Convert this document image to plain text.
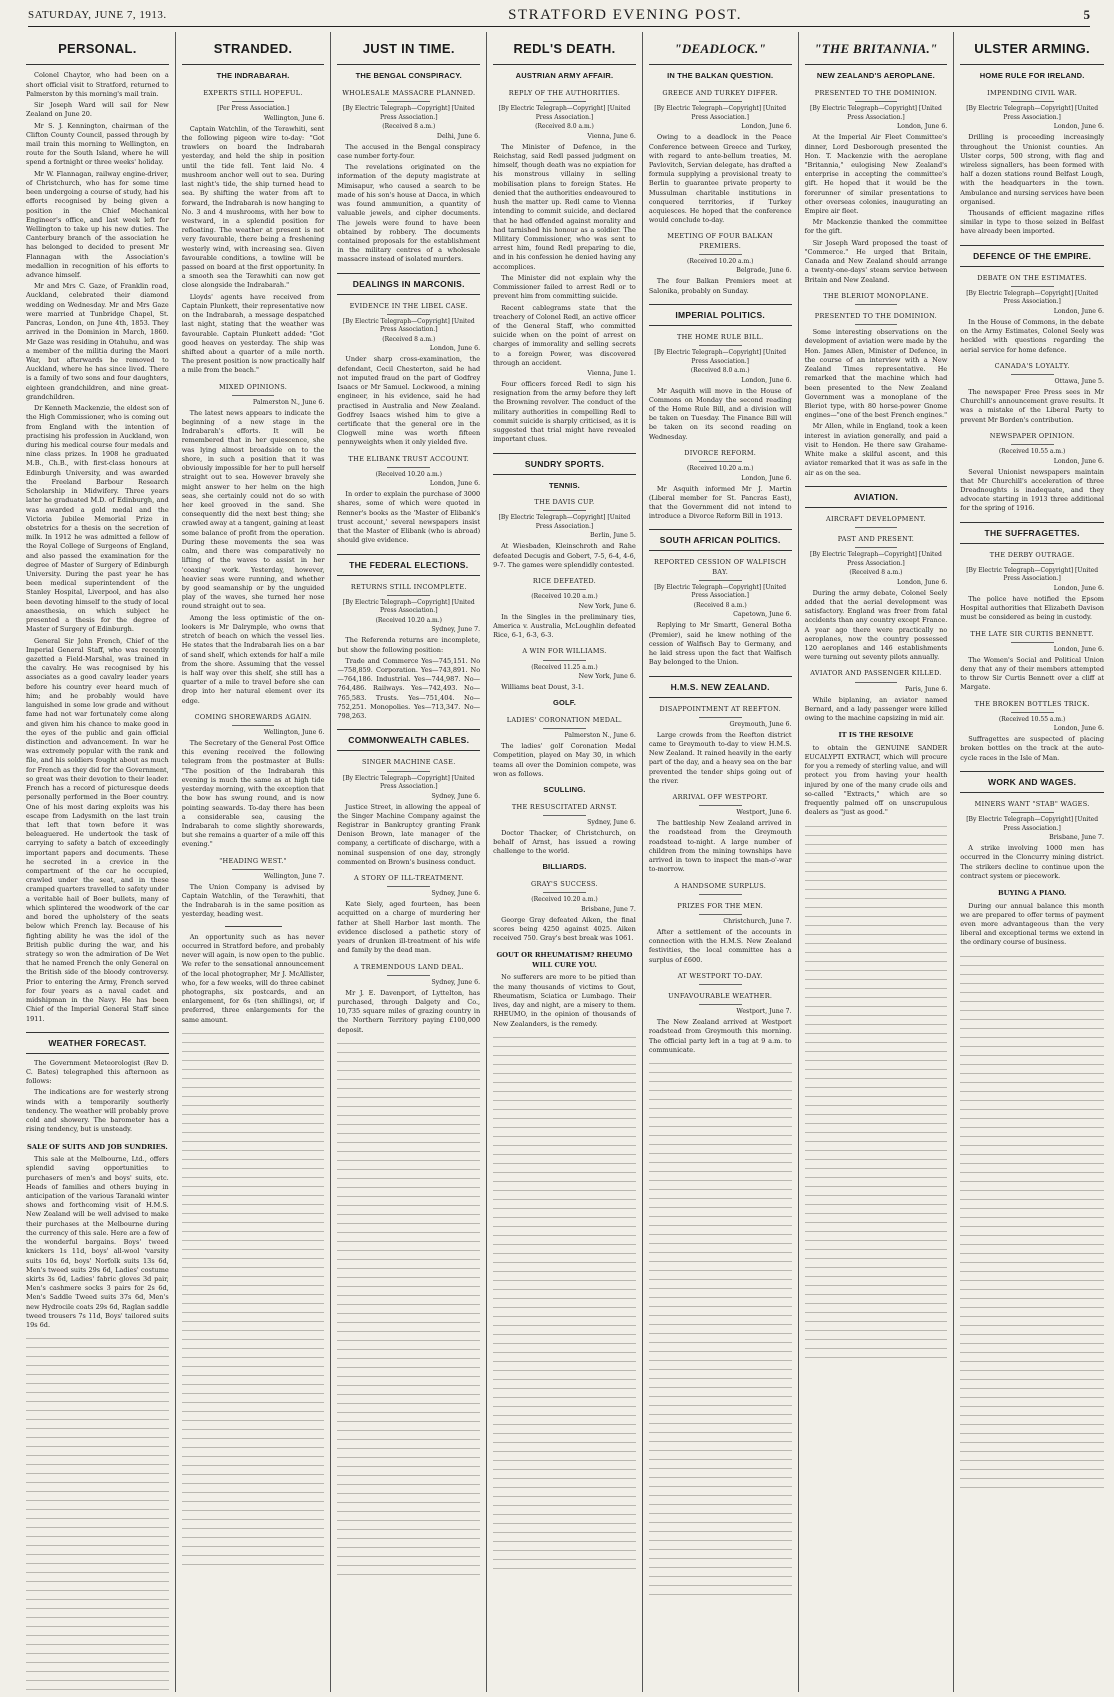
SATURDAY, JUNE 7, 1913.	STRATFORD EVENING POST.	5
PERSONAL.
Colonel Chaytor, who had been on a short official visit to Stratford, returned to Palmerston by this morning's mail train.
Sir Joseph Ward will sail for New Zealand on June 20.
Mr S. J. Kennington, chairman of the Clifton County Council, passed through by mail train this morning to Wellington, en route for the South Island, where he will spend a fortnight or three weeks' holiday.
Mr W. Flannagan, railway engine-driver, of Christchurch, who has for some time been undergoing a course of study, had his efforts recognised by being given a position in the Chief Mechanical Engineer's office, and last week left for Wellington to take up his new duties. The Canterbury branch of the association he has belonged to decided to present Mr Flannagan with the Association's medallion in recognition of his efforts to advance himself.
Mr and Mrs C. Gaze, of Franklin road, Auckland, celebrated their diamond wedding on Wednesday. Mr and Mrs Gaze were married at Tunbridge Chapel, St. Pancras, London, on June 4th, 1853. They arrived in the Dominion in March, 1860. Mr Gaze was residing in Otahuhu, and was a member of the militia during the Maori War, but afterwards he removed to Auckland, where he has since lived. There is a family of two sons and four daughters, eighteen grandchildren, and nine great-grandchildren.
Dr Kenneth Mackenzie, the eldest son of the High Commissioner, who is coming out from England with the intention of practising his profession in Auckland, won during his medical course four medals and nine class prizes. In 1908 he graduated M.B., Ch.B., with first-class honours at Edinburgh University, and was awarded the Freeland Barbour Research Scholarship in Midwifery. Three years later he graduated M.D. of Edinburgh, and was awarded a gold medal and the Victoria Jubilee Memorial Prize in obstetrics for a thesis on the secretion of milk. In 1912 he was admitted a fellow of the Royal College of Surgeons of England, and also passed the examination for the degree of Master of Surgery of Edinburgh University. During the past year he has been medical superintendent of the Stanley Hospital, Liverpool, and has also been devoting himself to the study of local anaesthesia, on which subject he presented a thesis for the degree of Master of Surgery of Edinburgh.
General Sir John French, Chief of the Imperial General Staff, who was recently gazetted a Field-Marshal, was trained in the cavalry. He was recognised by his associates as a good cavalry leader years before his country ever heard much of him; and he probably would have languished in some low grade and without fame had not war fortunately come along and given him his chance to make good in the eyes of the public and gain official distinction and advancement. In war he was extremely popular with the rank and file, and his soldiers fought about as much for French as they did for the Government, so great was their devotion to their leader. French has a record of picturesque deeds personally performed in the Boer country. One of his most daring exploits was his escape from Ladysmith on the last train that left that town before it was beleaguered. He undertook the task of carrying to safety a batch of exceedingly important papers and documents. These he secreted in a crevice in the compartment of the car he occupied, crawled under the seat, and in these cramped quarters travelled to safety under a veritable hail of Boer bullets, many of which splintered the woodwork of the car and bored the upholstery of the seats below which French lay. Because of his fighting ability he was the idol of the British public during the war, and his strategy so won the admiration of De Wet that he named French the only General on the British side of the bloody controversy. Prior to entering the Army, French served for four years as a naval cadet and midshipman in the Navy. He has been Chief of the Imperial General Staff since 1911.
WEATHER FORECAST.
The Government Meteorologist (Rev D. C. Bates) telegraphed this afternoon as follows:
The indications are for westerly strong winds with a temporarily southerly tendency. The weather will probably prove cold and showery. The barometer has a rising tendency, but is unsteady.
SALE OF SUITS AND JOB SUNDRIES.
This sale at the Melbourne, Ltd., offers splendid saving opportunities to purchasers of men's and boys' suits, etc. Heads of families and others buying in anticipation of the various Taranaki winter shows and forthcoming visit of H.M.S. New Zealand will be well advised to make their purchases at the Melbourne during the currency of this sale. Here are a few of the wonderful bargains. Boys' tweed knickers 1s 11d, boys' all-wool 'varsity suits 10s 6d, boys' Norfolk suits 13s 6d, Men's tweed suits 29s 6d, Ladies' costume skirts 3s 6d, Ladies' fabric gloves 3d pair, Men's cashmere socks 3 pairs for 2s 6d, Men's Saddle Tweed suits 37s 6d, Men's new Hydrocile coats 29s 6d, Raglan saddle tweed trousers 7s 11d, Boys' tailored suits 19s 6d.
STRANDED.
THE INDRABARAH.
EXPERTS STILL HOPEFUL.
[Per Press Association.]
Wellington, June 6.
Captain Watchlin, of the Terawhiti, sent the following pigeon wire to-day: "Got trawlers on board the Indrabarah yesterday, and held the ship in position until the tide fell. Tent laid No. 4 mushroom anchor well out to sea. During last night's tide, the ship turned head to sea. By shifting the water from aft to forward, the Indrabarah is now hanging to No. 3 and 4 mushrooms, with her bow to westward, in a splendid position for refloating. The weather at present is not very favourable, there being a freshening westerly wind, with increasing sea. Given favourable conditions, a towline will be passed on board at the first opportunity. In a smooth sea the Terawhiti can now get close alongside the Indrabarah."
Lloyds' agents have received from Captain Plunkett, their representative now on the Indrabarah, a message despatched last night, stating that the weather was favourable. Captain Plunkett added: "Got good heaves on yesterday. The ship was shifted about a quarter of a mile north. The present position is now practically half a mile from the beach."
MIXED OPINIONS.
Palmerston N., June 6.
The latest news appears to indicate the beginning of a new stage in the Indrabarah's efforts. It will be remembered that in her quiescence, she was lying almost broadside on to the shore, in such a position that it was obviously impossible for her to pull herself straight out to sea. However bravely she might answer to her helm on the high seas, she certainly could not do so with her keel grooved in the sand. She consequently did the next best thing; she crawled away at a tangent, gaining at least some balance of profit from the operation. During these movements the sea was calm, and there was comparatively no lifting of the waves to assist in her 'coaxing' work. Yesterday, however, heavier seas were running, and whether by good seamanship or by the unguided play of the waves, she turned her nose round straight out to sea.
Among the less optimistic of the on-lookers is Mr Dalrymple, who owns that stretch of beach on which the vessel lies. He states that the Indrabarah lies on a bar of sand shelf, which extends for half a mile from the shore. Assuming that the vessel is half way over this shelf, she still has a quarter of a mile to travel before she can drop into her natural element over its edge.
COMING SHOREWARDS AGAIN.
Wellington, June 6.
The Secretary of the General Post Office this evening received the following telegram from the postmaster at Bulls: "The position of the Indrabarah this evening is much the same as at high tide yesterday morning, with the exception that the bow has swung round, and is now pointing seawards. To-day there has been a considerable sea, causing the Indrabarah to come slightly shorewards, but she remains a quarter of a mile off this evening."
"HEADING WEST."
Wellington, June 7.
The Union Company is advised by Captain Watchlin, of the Terawhiti, that the Indrabarah is in the same position as yesterday, heading west.
An opportunity such as has never occurred in Stratford before, and probably never will again, is now open to the public. We refer to the sensational announcement of the local photographer, Mr J. McAllister, who, for a few weeks, will do three cabinet photographs, six postcards, and an enlargement, for 6s (ten shillings), or, if preferred, three enlargements for the same amount.
JUST IN TIME.
THE BENGAL CONSPIRACY.
WHOLESALE MASSACRE PLANNED.
[By Electric Telegraph—Copyright] [United Press Association.]
(Received 8 a.m.)
Delhi, June 6.
The accused in the Bengal conspiracy case number forty-four.
The revelations originated on the information of the deputy magistrate at Mimisapur, who caused a search to be made of his son's house at Dacca, in which was found ammunition, a quantity of valuable jewels, and cipher documents. The jewels were found to have been obtained by robbery. The documents contained proposals for the establishment in the military centres of a wholesale massacre instead of isolated murders.
DEALINGS IN MARCONIS.
EVIDENCE IN THE LIBEL CASE.
[By Electric Telegraph—Copyright] [United Press Association.]
(Received 8 a.m.)
London, June 6.
Under sharp cross-examination, the defendant, Cecil Chesterton, said he had not imputed fraud on the part of Godfrey Isaacs or Mr Samuel. Lockwood, a mining engineer, in his evidence, said he had practised in Australia and New Zealand. Godfrey Isaacs wished him to give a certificate that the general ore in the Clogwell mine was worth fifteen pennyweights when it only yielded five.
THE ELIBANK TRUST ACCOUNT.
(Received 10.20 a.m.)
London, June 6.
In order to explain the purchase of 3000 shares, some of which were quoted in Renner's books as the 'Master of Elibank's trust account,' several newspapers insist that the Master of Elibank (who is abroad) should give evidence.
THE FEDERAL ELECTIONS.
RETURNS STILL INCOMPLETE.
[By Electric Telegraph—Copyright] [United Press Association.]
(Received 10.20 a.m.)
Sydney, June 7.
The Referenda returns are incomplete, but show the following position:
Trade and Commerce Yes—745,151. No—758,859. Corporation. Yes—743,891. No—764,186. Industrial. Yes—744,987. No—764,486. Railways. Yes—742,493. No—765,583. Trusts. Yes—751,404. No—752,251. Monopolies. Yes—713,347. No—798,263.
COMMONWEALTH CABLES.
SINGER MACHINE CASE.
[By Electric Telegraph—Copyright] [United Press Association.]
Sydney, June 6.
Justice Street, in allowing the appeal of the Singer Machine Company against the Registrar in Bankruptcy granting Frank Denison Brown, late manager of the company, a certificate of discharge, with a nominal suspension of one day, strongly commented on Brown's business conduct.
A STORY OF ILL-TREATMENT.
Sydney, June 6.
Kate Siely, aged fourteen, has been acquitted on a charge of murdering her father at Shell Harbor last month. The evidence disclosed a pathetic story of years of drunken ill-treatment of his wife and family by the dead man.
A TREMENDOUS LAND DEAL.
Sydney, June 6.
Mr J. E. Davenport, of Lyttelton, has purchased, through Dalgety and Co., 10,735 square miles of grazing country in the Northern Territory paying £100,000 deposit.
REDL'S DEATH.
AUSTRIAN ARMY AFFAIR.
REPLY OF THE AUTHORITIES.
[By Electric Telegraph—Copyright] [United Press Association.]
(Received 8.0 a.m.)
Vienna, June 6.
The Minister of Defence, in the Reichstag, said Redl passed judgment on himself, though death was no expiation for his monstrous villainy in selling mobilisation plans to foreign States. He denied that the authorities endeavoured to hush the matter up. Redl came to Vienna intending to commit suicide, and declared that he had offended against morality and had tarnished his honour as a soldier. The Military Commissioner, who was sent to arrest him, found Redl preparing to die, and in his confession he denied having any accomplices.
The Minister did not explain why the Commissioner failed to arrest Redl or to prevent him from committing suicide.
Recent cablegrams state that the treachery of Colonel Redl, an active officer of the General Staff, who committed suicide when on the point of arrest on charges of immorality and selling secrets to a foreign Power, was discovered through an accident.
Vienna, June 1.
Four officers forced Redl to sign his resignation from the army before they left the Browning revolver. The conduct of the military authorities in compelling Redl to commit suicide is sharply criticised, as it is suggested that trial might have revealed important clues.
SUNDRY SPORTS.
TENNIS.
THE DAVIS CUP.
[By Electric Telegraph—Copyright] [United Press Association.]
Berlin, June 5.
At Wiesbaden, Kleinschroth and Rahe defeated Decugis and Gobert, 7-5, 6-4, 4-6, 9-7. The games were splendidly contested.
RICE DEFEATED.
(Received 10.20 a.m.)
New York, June 6.
In the Singles in the preliminary ties, America v. Australia, McLoughlin defeated Rice, 6-1, 6-3, 6-3.
A WIN FOR WILLIAMS.
(Received 11.25 a.m.)
New York, June 6.
Williams beat Doust, 3-1.
GOLF.
LADIES' CORONATION MEDAL.
Palmerston N., June 6.
The ladies' golf Coronation Medal Competition, played on May 30, in which teams all over the Dominion compete, was won as follows.
SCULLING.
THE RESUSCITATED ARNST.
Sydney, June 6.
Doctor Thacker, of Christchurch, on behalf of Arnst, has issued a rowing challenge to the world.
BILLIARDS.
GRAY'S SUCCESS.
(Received 10.20 a.m.)
Brisbane, June 7.
George Gray defeated Aiken, the final scores being 4250 against 4025. Aiken received 750. Gray's best break was 1061.
GOUT OR RHEUMATISM? RHEUMO WILL CURE YOU.
No sufferers are more to be pitied than the many thousands of victims to Gout, Rheumatism, Sciatica or Lumbago. Their lives, day and night, are a misery to them. RHEUMO, in the opinion of thousands of New Zealanders, is the remedy.
"DEADLOCK."
IN THE BALKAN QUESTION.
GREECE AND TURKEY DIFFER.
[By Electric Telegraph—Copyright] [United Press Association.]
London, June 6.
Owing to a deadlock in the Peace Conference between Greece and Turkey, with regard to ante-bellum treaties, M. Pavlovitch, Servian delegate, has drafted a formula supplying a provisional treaty to Berlin to guarantee private property to Mussulman charitable institutions in conquered territories, if Turkey acquiesces. He hoped that the conference would conclude to-day.
MEETING OF FOUR BALKAN PREMIERS.
(Received 10.20 a.m.)
Belgrade, June 6.
The four Balkan Premiers meet at Salonika, probably on Sunday.
IMPERIAL POLITICS.
THE HOME RULE BILL.
[By Electric Telegraph—Copyright] [United Press Association.]
(Received 8.0 a.m.)
London, June 6.
Mr Asquith will move in the House of Commons on Monday the second reading of the Home Rule Bill, and a division will be taken on Tuesday. The Finance Bill will be taken on its second reading on Wednesday.
DIVORCE REFORM.
(Received 10.20 a.m.)
London, June 6.
Mr Asquith informed Mr J. Martin (Liberal member for St. Pancras East), that the Government did not intend to introduce a Divorce Reform Bill in 1913.
SOUTH AFRICAN POLITICS.
REPORTED CESSION OF WALFISCH BAY.
[By Electric Telegraph—Copyright] [United Press Association.]
(Received 8 a.m.)
Capetown, June 6.
Replying to Mr Smartt, General Botha (Premier), said he knew nothing of the cession of Walfisch Bay to Germany, and he laid stress upon the fact that Walfisch Bay belonged to the Union.
H.M.S. NEW ZEALAND.
DISAPPOINTMENT AT REEFTON.
Greymouth, June 6.
Large crowds from the Reefton district came to Greymouth to-day to view H.M.S. New Zealand. It rained heavily in the early part of the day, and a heavy sea on the bar prevented the tender ships going out of the river.
ARRIVAL OFF WESTPORT.
Westport, June 6.
The battleship New Zealand arrived in the roadstead from the Greymouth roadstead to-night. A large number of children from the mining townships have arrived in town to inspect the man-o'-war to-morrow.
A HANDSOME SURPLUS.
PRIZES FOR THE MEN.
Christchurch, June 7.
After a settlement of the accounts in connection with the H.M.S. New Zealand festivities, the local committee has a surplus of £600.
AT WESTPORT TO-DAY.
UNFAVOURABLE WEATHER.
Westport, June 7.
The New Zealand arrived at Westport roadstead from Greymouth this morning. The official party left in a tug at 9 a.m. to communicate.
"THE BRITANNIA."
NEW ZEALAND'S AEROPLANE.
PRESENTED TO THE DOMINION.
[By Electric Telegraph—Copyright] [United Press Association.]
London, June 6.
At the Imperial Air Fleet Committee's dinner, Lord Desborough presented the Hon. T. Mackenzie with the aeroplane "Britannia," eulogising New Zealand's enterprise in accepting the committee's gift. He hoped that it would be the forerunner of similar presentations to other overseas colonies, inaugurating an Empire air fleet.
Mr Mackenzie thanked the committee for the gift.
Sir Joseph Ward proposed the toast of "Commerce." He urged that Britain, Canada and New Zealand should arrange a twenty-one-days' steam service between Britain and New Zealand.
THE BLERIOT MONOPLANE.
PRESENTED TO THE DOMINION.
Some interesting observations on the development of aviation were made by the Hon. James Allen, Minister of Defence, in the course of an interview with a New Zealand Times representative. He remarked that the machine which had been presented to the New Zealand Government was a monoplane of the Bleriot type, with 80 horse-power Gnome engines—"one of the best French engines."
Mr Allen, while in England, took a keen interest in aviation generally, and paid a visit to Hendon. He there saw Grahame-White make a skilful ascent, and this aviator remarked that it was as safe in the air as on the sea.
AVIATION.
AIRCRAFT DEVELOPMENT.
PAST AND PRESENT.
[By Electric Telegraph—Copyright] [United Press Association.]
(Received 8 a.m.)
London, June 6.
During the army debate, Colonel Seely added that the aerial development was satisfactory. England was freer from fatal accidents than any country except France. A year ago there were practically no aeroplanes, now the country possessed 120 aeroplanes and 146 establishments were turning out seventy pilots annually.
AVIATOR AND PASSENGER KILLED.
Paris, June 6.
While biplaning, an aviator named Bernard, and a lady passenger were killed owing to the machine capsizing in mid air.
IT IS THE RESOLVE
to obtain the GENUINE SANDER EUCALYPTI EXTRACT, which will procure for you a remedy of sterling value, and will protect you from having your health injured by one of the many crude oils and so-called "Extracts," which are so frequently palmed off on unscrupulous dealers as "just as good."
ULSTER ARMING.
HOME RULE FOR IRELAND.
IMPENDING CIVIL WAR.
[By Electric Telegraph—Copyright] [United Press Association.]
London, June 6.
Drilling is proceeding increasingly throughout the Unionist counties. An Ulster corps, 500 strong, with flag and wireless signallers, has been formed with half a dozen stations round Belfast Lough, with the headquarters in the town. Ambulance and nursing services have been organised.
Thousands of efficient magazine rifles similar in type to those seized in Belfast have already been imported.
DEFENCE OF THE EMPIRE.
DEBATE ON THE ESTIMATES.
[By Electric Telegraph—Copyright] [United Press Association.]
London, June 6.
In the House of Commons, in the debate on the Army Estimates, Colonel Seely was heckled with questions regarding the aerial service for home defence.
CANADA'S LOYALTY.
Ottawa, June 5.
The newspaper Free Press sees in Mr Churchill's announcement grave results. It was a mistake of the Liberal Party to prevent Mr Borden's contribution.
NEWSPAPER OPINION.
(Received 10.55 a.m.)
London, June 6.
Several Unionist newspapers maintain that Mr Churchill's acceleration of three Dreadnoughts is inadequate, and they advocate starting in 1913 three additional for the spring of 1916.
THE SUFFRAGETTES.
THE DERBY OUTRAGE.
[By Electric Telegraph—Copyright] [United Press Association.]
London, June 6.
The police have notified the Epsom Hospital authorities that Elizabeth Davison must be considered as being in custody.
THE LATE SIR CURTIS BENNETT.
London, June 6.
The Women's Social and Political Union deny that any of their members attempted to throw Sir Curtis Bennett over a cliff at Margate.
THE BROKEN BOTTLES TRICK.
(Received 10.55 a.m.)
London, June 6.
Suffragettes are suspected of placing broken bottles on the track at the auto-cycle races in the Isle of Man.
WORK AND WAGES.
MINERS WANT "STAB" WAGES.
[By Electric Telegraph—Copyright] [United Press Association.]
Brisbane, June 7.
A strike involving 1000 men has occurred in the Cloncurry mining district. The strikers decline to continue upon the contract system or piecework.
BUYING A PIANO.
During our annual balance this month we are prepared to offer terms of payment even more advantageous than the very liberal and exceptional terms we extend in the ordinary course of business.
